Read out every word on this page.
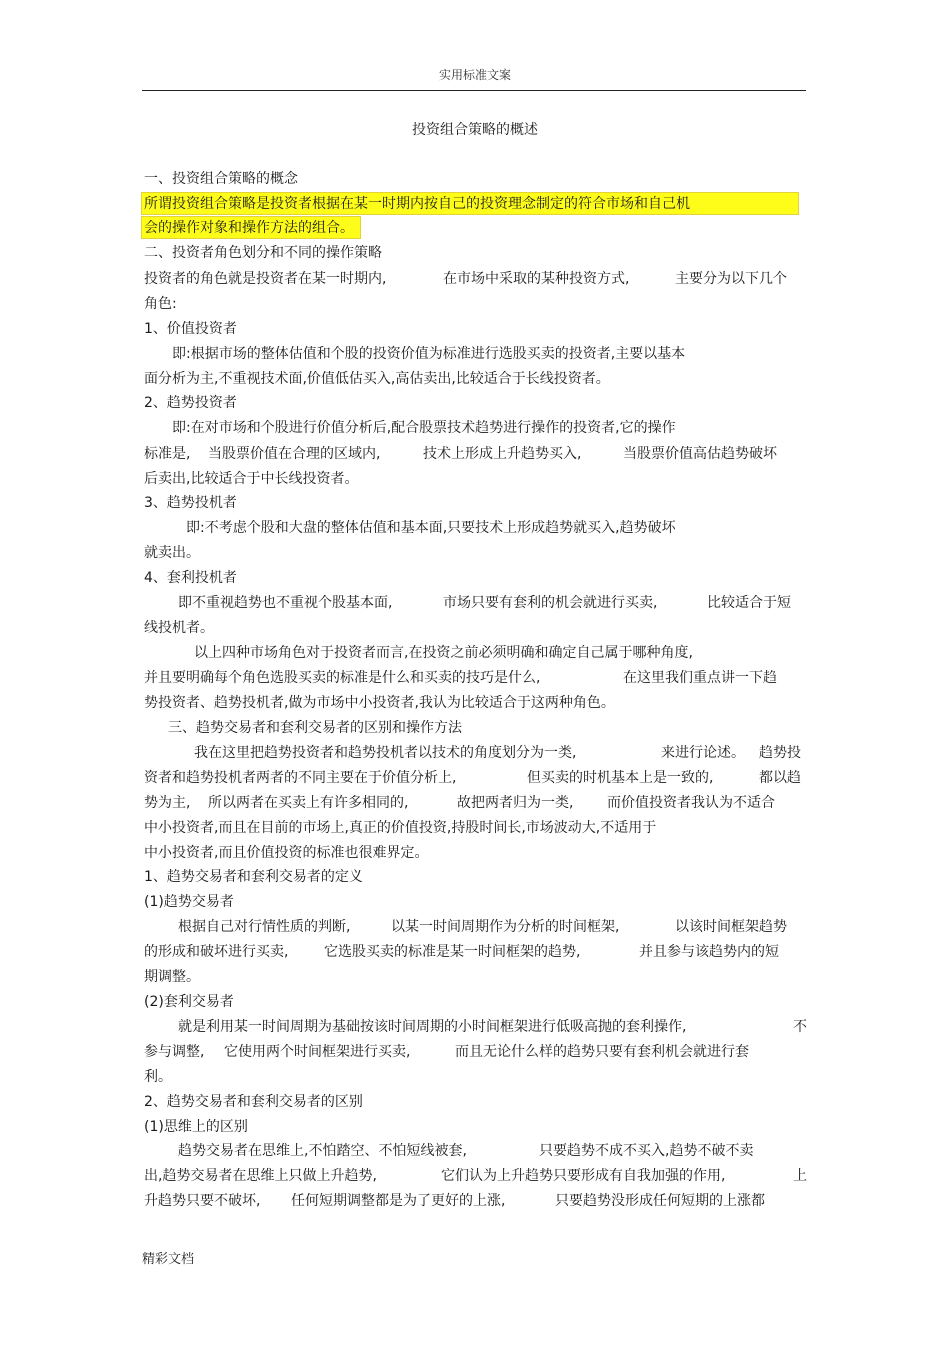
实用标准文案
投资组合策略的概述

一、投资组合策略的概念

所谓投资组合策略是投资者根据在某一时期内按自己的投资理念制定的符合市场和自己机

会的操作对象和操作方法的组合。

二、投资者角色划分和不同的操作策略

投资者的角色就是投资者在某一时期内,	在市场中采取的某种投资方式,	主要分为以下几个

角色:

1、价值投资者

即:根据市场的整体估值和个股的投资价值为标准进行选股买卖的投资者,主要以基本

面分析为主,不重视技术面,价值低估买入,高估卖出,比较适合于长线投资者。

2、趋势投资者

即:在对市场和个股进行价值分析后,配合股票技术趋势进行操作的投资者,它的操作

标准是, 当股票价值在合理的区域内,	技术上形成上升趋势买入,	当股票价值高估趋势破坏

后卖出,比较适合于中长线投资者。

3、趋势投机者

即:不考虑个股和大盘的整体估值和基本面,只要技术上形成趋势就买入,趋势破坏

就卖出。

4、套利投机者

即不重视趋势也不重视个股基本面,	市场只要有套利的机会就进行买卖,	比较适合于短

线投机者。

以上四种市场角色对于投资者而言,在投资之前必须明确和确定自己属于哪种角度,

并且要明确每个角色选股买卖的标准是什么和买卖的技巧是什么,	在这里我们重点讲一下趋

势投资者、趋势投机者,做为市场中小投资者,我认为比较适合于这两种角色。

三、趋势交易者和套利交易者的区别和操作方法

我在这里把趋势投资者和趋势投机者以技术的角度划分为一类,	来进行论述。 趋势投

资者和趋势投机者两者的不同主要在于价值分析上,	但买卖的时机基本上是一致的,	都以趋

势为主, 所以两者在买卖上有许多相同的,	故把两者归为一类, 而价值投资者我认为不适合

中小投资者,而且在目前的市场上,真正的价值投资,持股时间长,市场波动大,不适用于

中小投资者,而且价值投资的标准也很难界定。

1、趋势交易者和套利交易者的定义

(1)趋势交易者

根据自己对行情性质的判断,	以某一时间周期作为分析的时间框架,	以该时间框架趋势

的形成和破坏进行买卖,	它选股买卖的标准是某一时间框架的趋势,	并且参与该趋势内的短

期调整。

(2)套利交易者

就是利用某一时间周期为基础按该时间周期的小时间框架进行低吸高抛的套利操作,	不

参与调整, 它使用两个时间框架进行买卖,	而且无论什么样的趋势只要有套利机会就进行套

利。

2、趋势交易者和套利交易者的区别

(1)思维上的区别

趋势交易者在思维上,不怕踏空、不怕短线被套,	只要趋势不成不买入,趋势不破不卖

出,趋势交易者在思维上只做上升趋势,	它们认为上升趋势只要形成有自我加强的作用,	上

升趋势只要不破坏, 任何短期调整都是为了更好的上涨,	只要趋势没形成任何短期的上涨都

精彩文档
